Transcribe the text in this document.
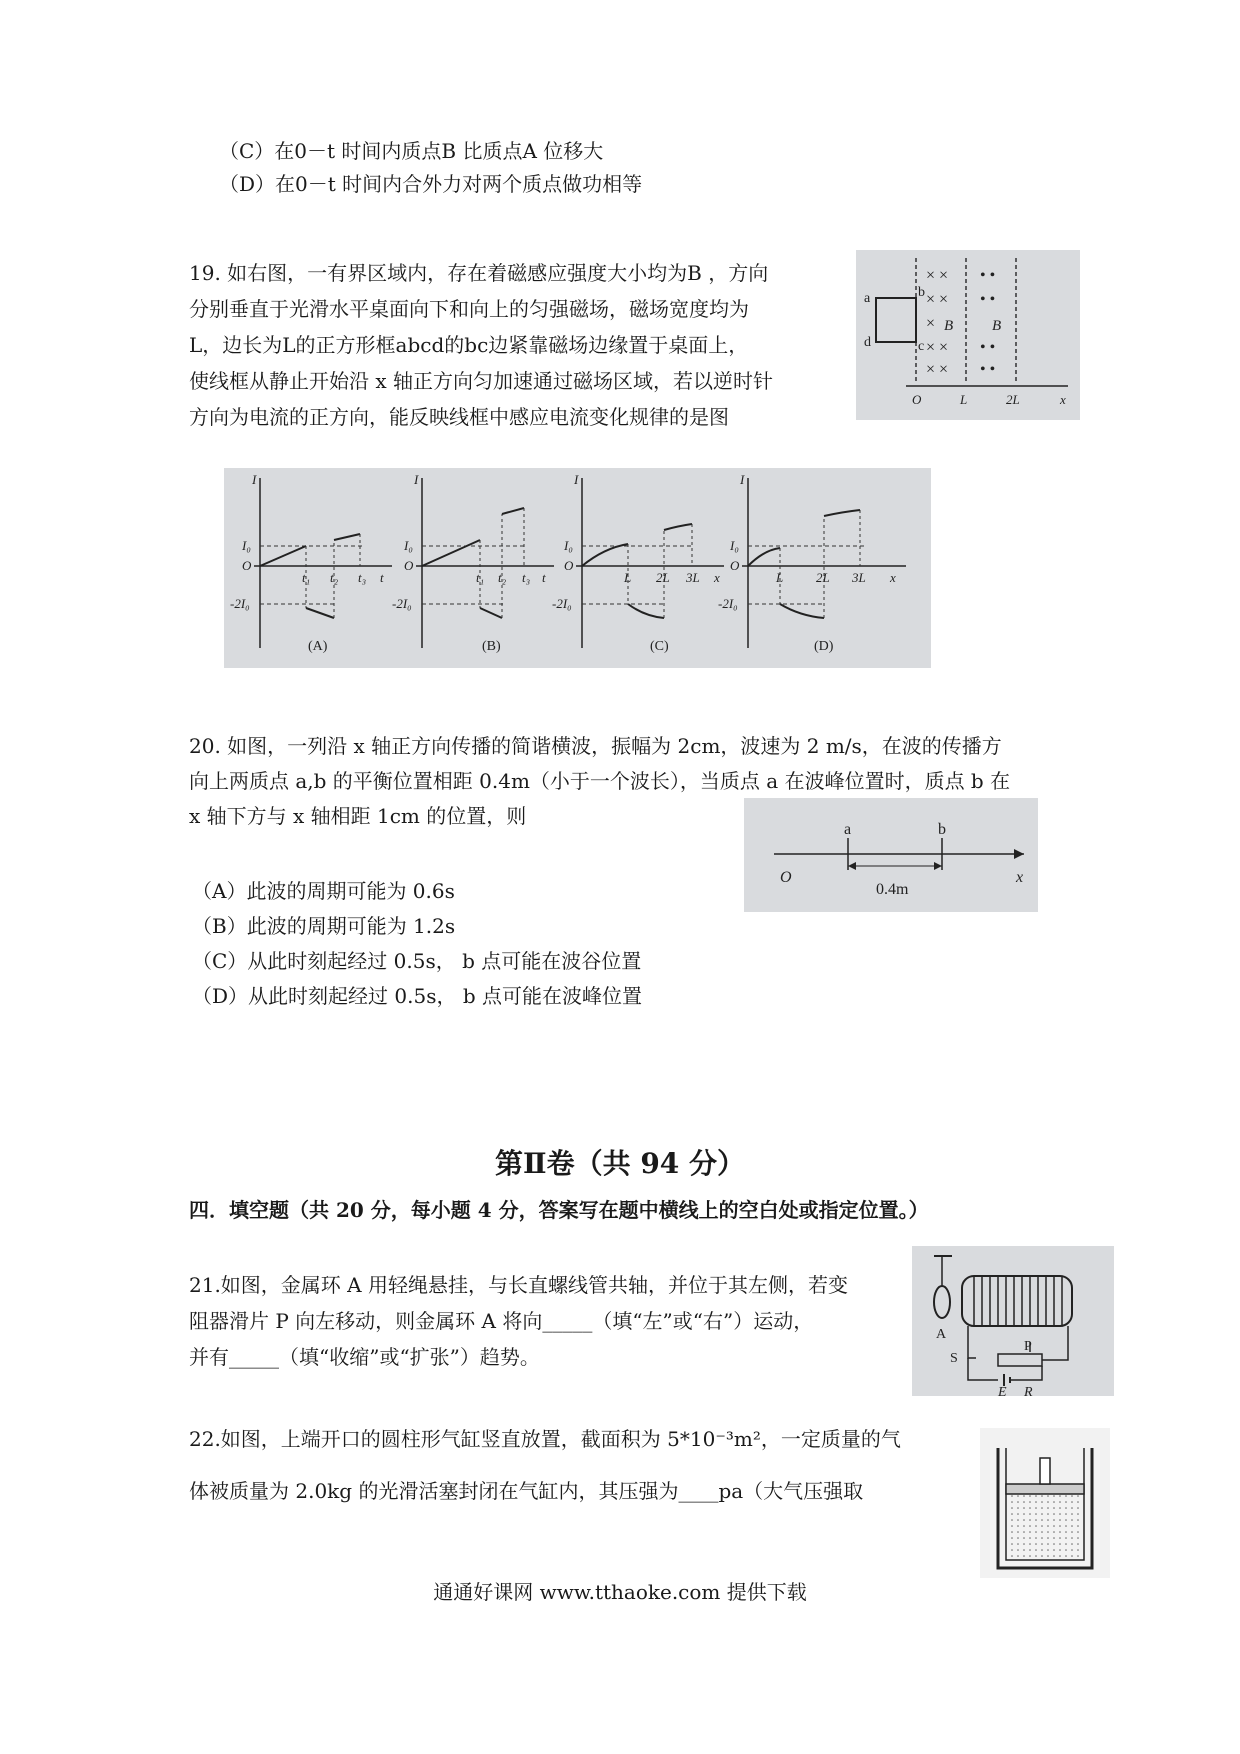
（C）在0－t 时间内质点B 比质点A 位移大
（D）在0－t 时间内合外力对两个质点做功相等
19. 如右图，一有界区域内，存在着磁感应强度大小均为B ，方向
分别垂直于光滑水平桌面向下和向上的匀强磁场，磁场宽度均为
L，边长为L的正方形框abcd的bc边紧靠磁场边缘置于桌面上，
使线框从静止开始沿 x 轴正方向匀加速通过磁场区域，若以逆时针
方向为电流的正方向，能反映线框中感应电流变化规律的是图
a	b
c
d
× ×
× ×
×
× ×
× ×
• •
• •
• •
• •
B	B
O	L	2L	x
I
I₀
O
-2I₀
t₁ t₂ t₃ t
(A)
I
I₀
O
-2I₀
t₁ t₂ t₃ t
(B)
I
I₀
O
-2I₀
L 2L 3L x
(C)
I
I₀
O
-2I₀
L	2L 3L x
(D)
20. 如图，一列沿 x 轴正方向传播的简谐横波，振幅为 2cm，波速为 2 m/s，在波的传播方
向上两质点 a,b 的平衡位置相距 0.4m（小于一个波长），当质点 a 在波峰位置时，质点 b 在
x 轴下方与 x 轴相距 1cm 的位置，则
（A）此波的周期可能为 0.6s
（B）此波的周期可能为 1.2s
（C）从此时刻起经过 0.5s， b 点可能在波谷位置
（D）从此时刻起经过 0.5s， b 点可能在波峰位置
a	b
O	x
0.4m
第Ⅱ卷（共 94 分）
四．填空题（共 20 分，每小题 4 分，答案写在题中横线上的空白处或指定位置。）
21.如图，金属环 A 用轻绳悬挂，与长直螺线管共轴，并位于其左侧，若变
阻器滑片 P 向左移动，则金属环 A 将向_____（填“左”或“右”）运动，
并有_____（填“收缩”或“扩张”）趋势。
A
S
P
E R
22.如图，上端开口的圆柱形气缸竖直放置，截面积为 5*10⁻³m²，一定质量的气
体被质量为 2.0kg 的光滑活塞封闭在气缸内，其压强为____pa（大气压强取
通通好课网 www.tthaoke.com 提供下载
